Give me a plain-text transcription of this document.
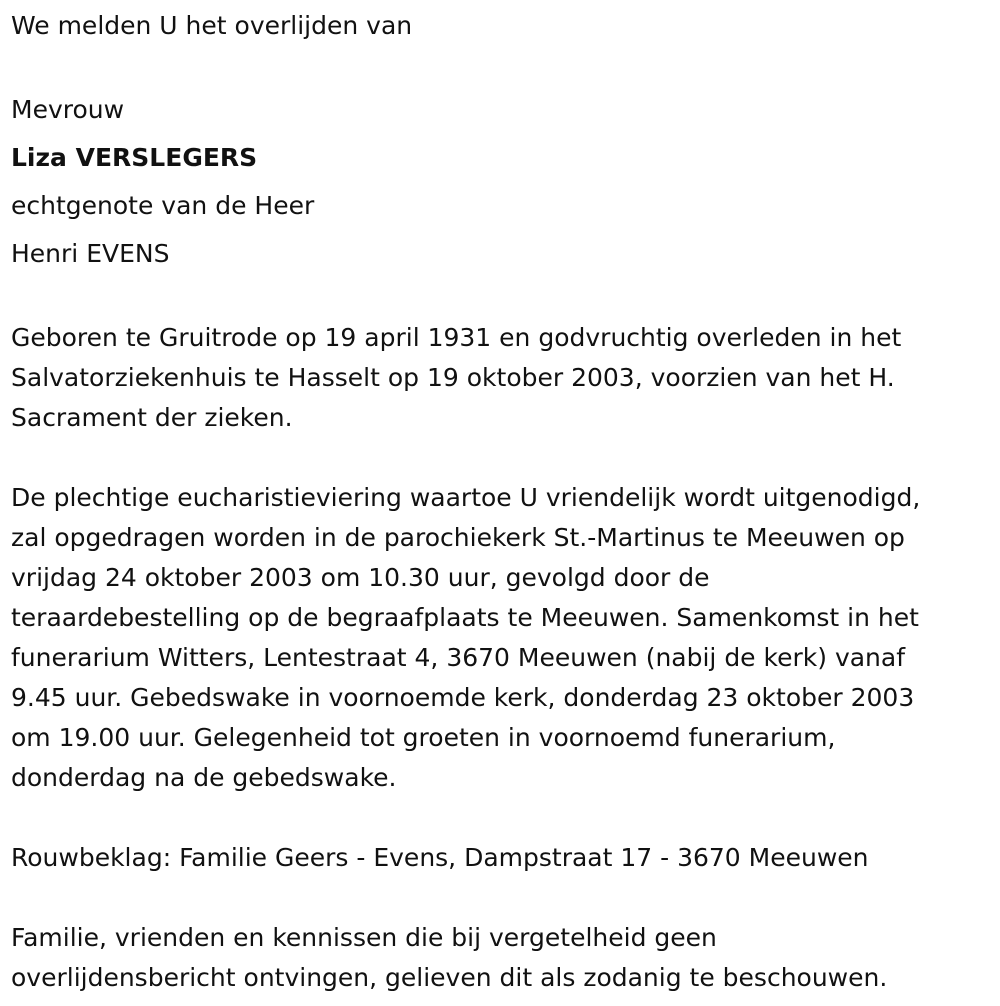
We melden U het overlijden van
Mevrouw
Liza VERSLEGERS
echtgenote van de Heer
Henri EVENS
Geboren te Gruitrode op 19 april 1931 en godvruchtig overleden in het
Salvatorziekenhuis te Hasselt op 19 oktober 2003, voorzien van het H.
Sacrament der zieken.
De plechtige eucharistieviering waartoe U vriendelijk wordt uitgenodigd,
zal opgedragen worden in de parochiekerk St.-Martinus te Meeuwen op
vrijdag 24 oktober 2003 om 10.30 uur, gevolgd door de
teraardebestelling op de begraafplaats te Meeuwen. Samenkomst in het
funerarium Witters, Lentestraat 4, 3670 Meeuwen (nabij de kerk) vanaf
9.45 uur. Gebedswake in voornoemde kerk, donderdag 23 oktober 2003
om 19.00 uur. Gelegenheid tot groeten in voornoemd funerarium,
donderdag na de gebedswake.
Rouwbeklag: Familie Geers - Evens, Dampstraat 17 - 3670 Meeuwen
Familie, vrienden en kennissen die bij vergetelheid geen
overlijdensbericht ontvingen, gelieven dit als zodanig te beschouwen.
